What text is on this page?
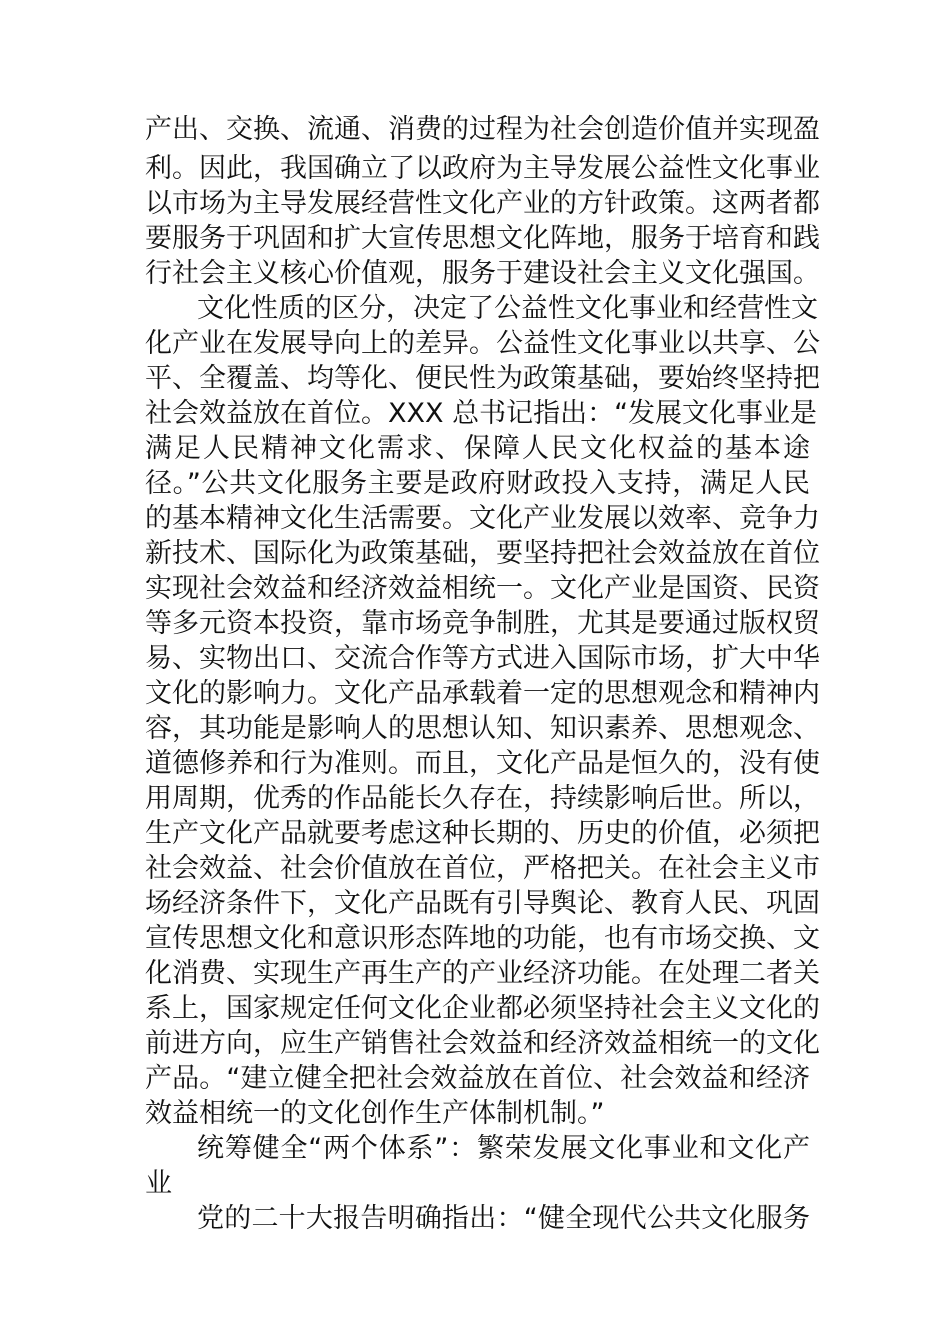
产出、交换、流通、消费的过程为社会创造价值并实现盈
利。因此，我国确立了以政府为主导发展公益性文化事业
以市场为主导发展经营性文化产业的方针政策。这两者都
要服务于巩固和扩大宣传思想文化阵地，服务于培育和践
行社会主义核心价值观，服务于建设社会主义文化强国。
文化性质的区分，决定了公益性文化事业和经营性文
化产业在发展导向上的差异。公益性文化事业以共享、公
平、全覆盖、均等化、便民性为政策基础，要始终坚持把
社会效益放在首位。XXX 总书记指出：“发展文化事业是
满足人民精神文化需求、保障人民文化权益的基本途
径。”公共文化服务主要是政府财政投入支持，满足人民
的基本精神文化生活需要。文化产业发展以效率、竞争力
新技术、国际化为政策基础，要坚持把社会效益放在首位
实现社会效益和经济效益相统一。文化产业是国资、民资
等多元资本投资，靠市场竞争制胜，尤其是要通过版权贸
易、实物出口、交流合作等方式进入国际市场，扩大中华
文化的影响力。文化产品承载着一定的思想观念和精神内
容，其功能是影响人的思想认知、知识素养、思想观念、
道德修养和行为准则。而且，文化产品是恒久的，没有使
用周期，优秀的作品能长久存在，持续影响后世。所以，
生产文化产品就要考虑这种长期的、历史的价值，必须把
社会效益、社会价值放在首位，严格把关。在社会主义市
场经济条件下，文化产品既有引导舆论、教育人民、巩固
宣传思想文化和意识形态阵地的功能，也有市场交换、文
化消费、实现生产再生产的产业经济功能。在处理二者关
系上，国家规定任何文化企业都必须坚持社会主义文化的
前进方向，应生产销售社会效益和经济效益相统一的文化
产品。“建立健全把社会效益放在首位、社会效益和经济
效益相统一的文化创作生产体制机制。”
统筹健全“两个体系”：繁荣发展文化事业和文化产
业
党的二十大报告明确指出：“健全现代公共文化服务
